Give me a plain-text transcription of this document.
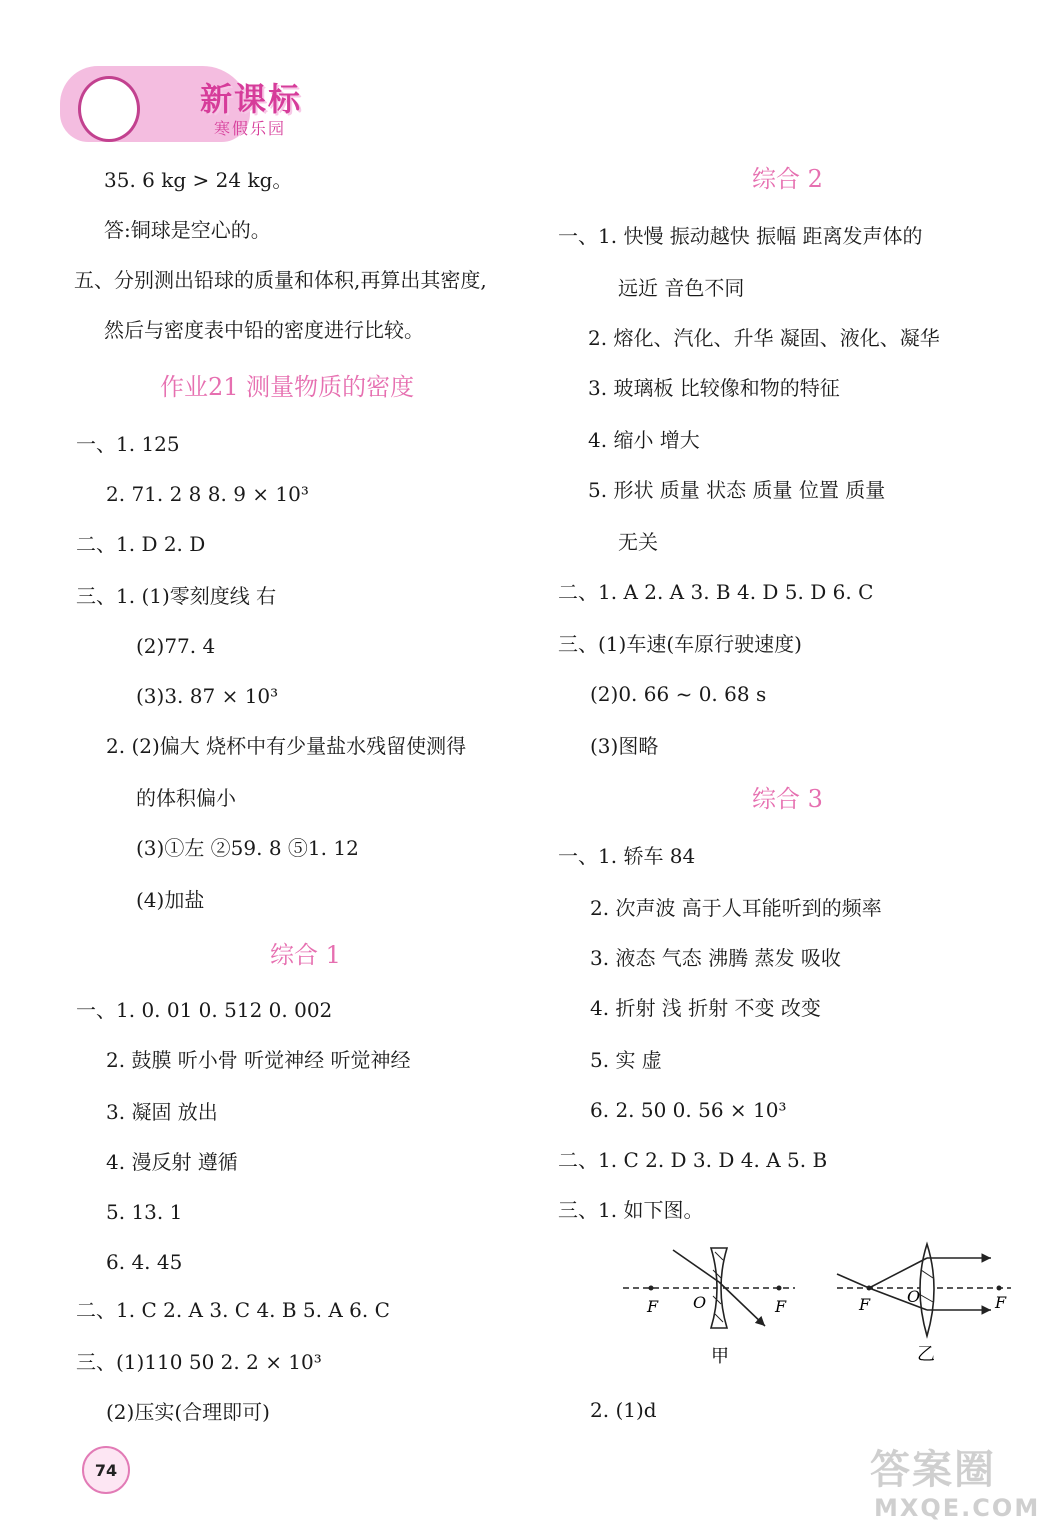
新课标
寒假乐园
35. 6 kg > 24 kg。
答:铜球是空心的。
五、分别测出铅球的质量和体积,再算出其密度,
然后与密度表中铅的密度进行比较。
一、1. 125
2. 71. 2 8 8. 9 × 10³
二、1. D 2. D
三、1. (1)零刻度线 右
(2)77. 4
(3)3. 87 × 10³
2. (2)偏大 烧杯中有少量盐水残留使测得
的体积偏小
(3)①左 ②59. 8 ⑤1. 12
(4)加盐
一、1. 0. 01 0. 512 0. 002
2. 鼓膜 听小骨 听觉神经 听觉神经
3. 凝固 放出
4. 漫反射 遵循
5. 13. 1
6. 4. 45
二、1. C 2. A 3. C 4. B 5. A 6. C
三、(1)110 50 2. 2 × 10³
(2)压实(合理即可)
一、1. 快慢 振动越快 振幅 距离发声体的
远近 音色不同
2. 熔化、汽化、升华 凝固、液化、凝华
3. 玻璃板 比较像和物的特征
4. 缩小 增大
5. 形状 质量 状态 质量 位置 质量
无关
二、1. A 2. A 3. B 4. D 5. D 6. C
三、(1)车速(车原行驶速度)
(2)0. 66 ~ 0. 68 s
(3)图略
一、1. 轿车 84
2. 次声波 高于人耳能听到的频率
3. 液态 气态 沸腾 蒸发 吸收
4. 折射 浅 折射 不变 改变
5. 实 虚
6. 2. 50 0. 56 × 10³
二、1. C 2. D 3. D 4. A 5. B
三、1. 如下图。
2. (1)d
作业21 测量物质的密度
综合 1
综合 2
综合 3
F O	F
甲
F O	F
乙
74	答案圈
MXQE.COM
